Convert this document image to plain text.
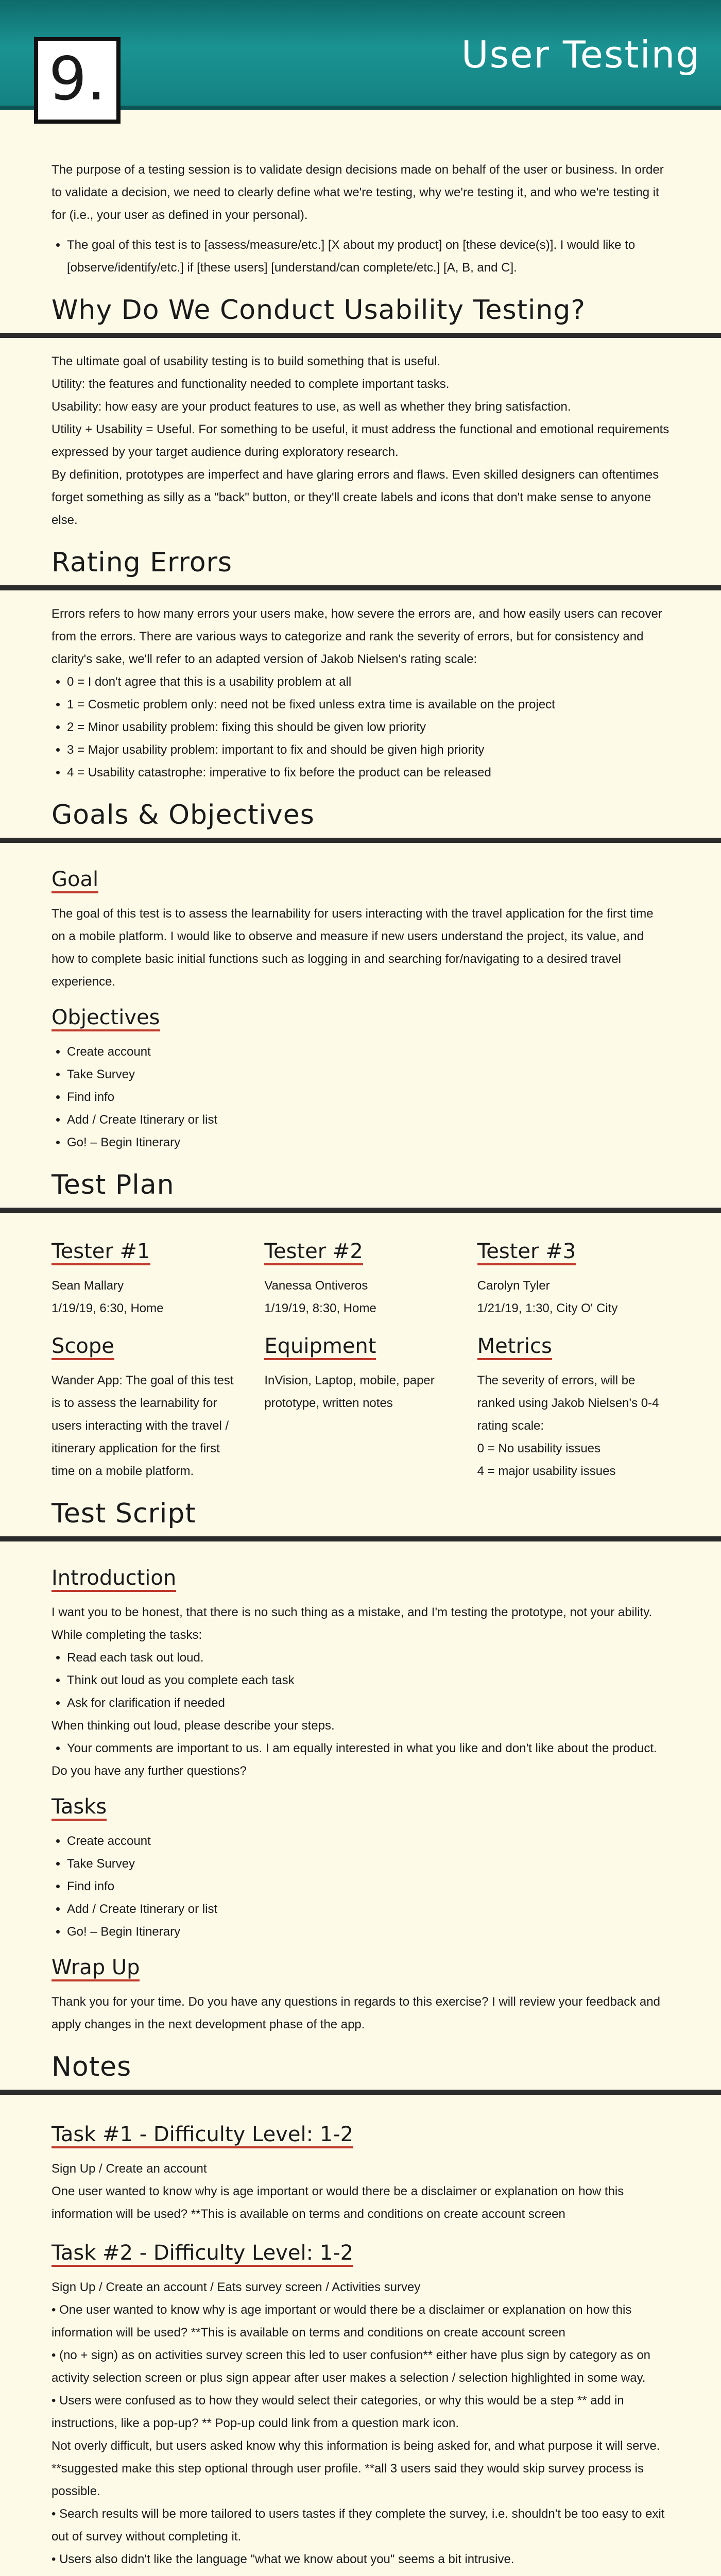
9.	User Testing

The purpose of a testing session is to validate design decisions made on behalf of the user or business. In order to validate a decision, we need to clearly define what we're testing, why we're testing it, and who we're testing it for (i.e., your user as defined in your personal).

• The goal of this test is to [assess/measure/etc.] [X about my product] on [these device(s)]. I would like to [observe/identify/etc.] if [these users] [understand/can complete/etc.] [A, B, and C].
Why Do We Conduct Usability Testing?

The ultimate goal of usability testing is to build something that is useful.

Utility: the features and functionality needed to complete important tasks.

Usability: how easy are your product features to use, as well as whether they bring satisfaction.

Utility + Usability = Useful. For something to be useful, it must address the functional and emotional requirements expressed by your target audience during exploratory research.

By definition, prototypes are imperfect and have glaring errors and flaws. Even skilled designers can oftentimes forget something as silly as a "back" button, or they'll create labels and icons that don't make sense to anyone else.

Rating Errors

Errors refers to how many errors your users make, how severe the errors are, and how easily users can recover from the errors. There are various ways to categorize and rank the severity of errors, but for consistency and clarity's sake, we'll refer to an adapted version of Jakob Nielsen's rating scale:

• 0 = I don't agree that this is a usability problem at all
• 1 = Cosmetic problem only: need not be fixed unless extra time is available on the project
• 2 = Minor usability problem: fixing this should be given low priority
• 3 = Major usability problem: important to fix and should be given high priority
• 4 = Usability catastrophe: imperative to fix before the product can be released
Goals & Objectives
Goal

The goal of this test is to assess the learnability for users interacting with the travel application for the first time on a mobile platform. I would like to observe and measure if new users understand the project, its value, and how to complete basic initial functions such as logging in and searching for/navigating to a desired travel experience.

Objectives
• Create account
• Take Survey
• Find info
• Add / Create Itinerary or list
• Go! – Begin Itinerary
Test Plan
Tester #1

Sean Mallary

1/19/19, 6:30, Home

Tester #2

Vanessa Ontiveros

1/19/19, 8:30, Home

Tester #3

Carolyn Tyler

1/21/19, 1:30, City O' City

Scope

Wander App: The goal of this test is to assess the learnability for users interacting with the travel / itinerary application for the first time on a mobile platform.

Equipment

InVision, Laptop, mobile, paper prototype, written notes

Metrics

The severity of errors, will be ranked using Jakob Nielsen's 0-4 rating scale:

0 = No usability issues

4 = major usability issues

Test Script
Introduction

I want you to be honest, that there is no such thing as a mistake, and I'm testing the prototype, not your ability. While completing the tasks:

• Read each task out loud.
• Think out loud as you complete each task
• Ask for clarification if needed

When thinking out loud, please describe your steps.

• Your comments are important to us. I am equally interested in what you like and don't like about the product.

Do you have any further questions?

Tasks
• Create account
• Take Survey
• Find info
• Add / Create Itinerary or list
• Go! – Begin Itinerary
Wrap Up

Thank you for your time. Do you have any questions in regards to this exercise? I will review your feedback and apply changes in the next development phase of the app.

Notes
Task #1 - Difficulty Level: 1-2

Sign Up / Create an account

One user wanted to know why is age important or would there be a disclaimer or explanation on how this information will be used? **This is available on terms and conditions on create account screen

Task #2 - Difficulty Level: 1-2

Sign Up / Create an account / Eats survey screen / Activities survey

• One user wanted to know why is age important or would there be a disclaimer or explanation on how this information will be used? **This is available on terms and conditions on create account screen

• (no + sign) as on activities survey screen this led to user confusion** either have plus sign by category as on activity selection screen or plus sign appear after user makes a selection / selection highlighted in some way.

• Users were confused as to how they would select their categories, or why this would be a step ** add in instructions, like a pop-up? ** Pop-up could link from a question mark icon.

Not overly difficult, but users asked know why this information is being asked for, and what purpose it will serve. **suggested make this step optional through user profile. **all 3 users said they would skip survey process is possible.

• Search results will be more tailored to users tastes if they complete the survey, i.e. shouldn't be too easy to exit out of survey without completing it.

• Users also didn't like the language "what we know about you" seems a bit intrusive.
